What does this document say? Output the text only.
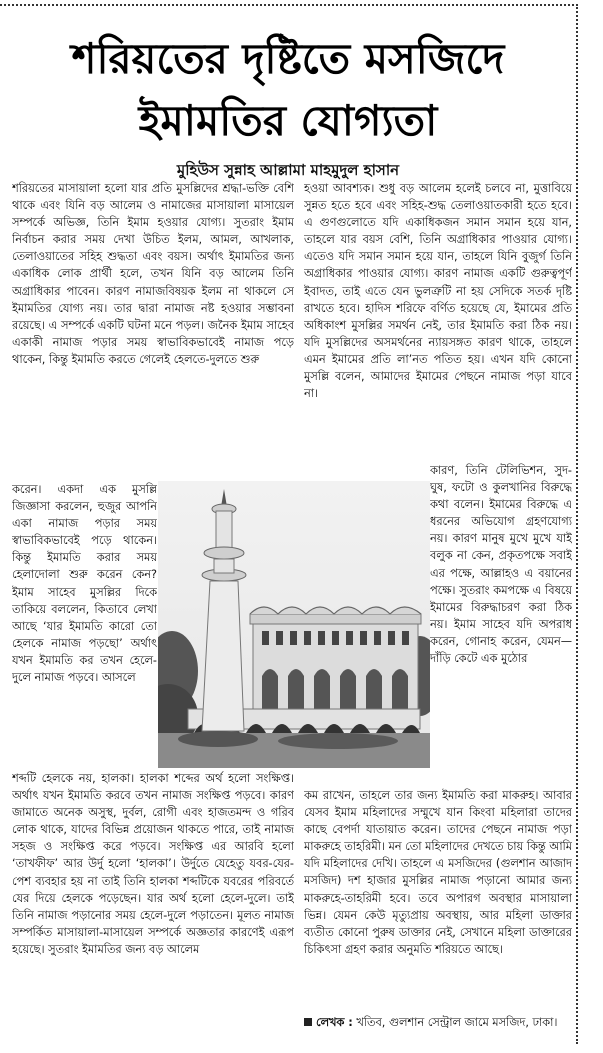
শরিয়তের দৃষ্টিতে মসজিদে
ইমামতির যোগ্যতা
মুহিউস সুন্নাহ আল্লামা মাহমুদুল হাসান
শরিয়তের মাসায়ালা হলো যার প্রতি মুসল্লিদের শ্রদ্ধা-ভক্তি বেশি থাকে এবং যিনি বড় আলেম ও নামাজের মাসায়ালা মাসায়েল সম্পর্কে অভিজ্ঞ, তিনি ইমাম হওয়ার যোগ্য। সুতরাং ইমাম নির্বাচন করার সময় দেখা উচিত ইলম, আমল, আখলাক, তেলাওয়াতের সহিহ শুদ্ধতা এবং বয়স। অর্থাৎ ইমামতির জন্য একাধিক লোক প্রার্থী হলে, তখন যিনি বড় আলেম তিনি অগ্রাধিকার পাবেন। কারণ নামাজবিষয়ক ইলম না থাকলে সে ইমামতির যোগ্য নয়। তার দ্বারা নামাজ নষ্ট হওয়ার সম্ভাবনা রয়েছে। এ সম্পর্কে একটি ঘটনা মনে পড়ল। জনৈক ইমাম সাহেব একাকী নামাজ পড়ার সময় স্বাভাবিকভাবেই নামাজ পড়ে থাকেন, কিন্তু ইমামতি করতে গেলেই হেলতে-দুলতে শুরু
করেন। একদা এক মুসল্লি জিজ্ঞাসা করলেন, হুজুর আপনি একা নামাজ পড়ার সময় স্বাভাবিকভাবেই পড়ে থাকেন। কিন্তু ইমামতি করার সময় হেলাদোলা শুরু করেন কেন? ইমাম সাহেব মুসল্লির দিকে তাকিয়ে বললেন, কিতাবে লেখা আছে ‘যার ইমামতি কারো তো হেলকে নামাজ পড়ছো’ অর্থাৎ যখন ইমামতি কর তখন হেলে-দুলে নামাজ পড়বে। আসলে
শব্দটি হেলকে নয়, হালকা। হালকা শব্দের অর্থ হলো সংক্ষিপ্ত। অর্থাৎ যখন ইমামতি করবে তখন নামাজ সংক্ষিপ্ত পড়বে। কারণ জামাতে অনেক অসুস্থ, দুর্বল, রোগী এবং হাজতমন্দ ও গরিব লোক থাকে, যাদের বিভিন্ন প্রয়োজন থাকতে পারে, তাই নামাজ সহজ ও সংক্ষিপ্ত করে পড়বে। সংক্ষিপ্ত এর আরবি হলো ‘তাখফীফ’ আর উর্দু হলো ‘হালকা’। উর্দুতে যেহেতু যবর-যের-পেশ ব্যবহার হয় না তাই তিনি হালকা শব্দটিকে যবরের পরিবর্তে যের দিয়ে হেলকে পড়েছেন। যার অর্থ হলো হেলে-দুলে। তাই তিনি নামাজ পড়ানোর সময় হেলে-দুলে পড়াতেন। মূলত নামাজ সম্পর্কিত মাসায়ালা-মাসায়েল সম্পর্কে অজ্ঞতার কারণেই এরূপ হয়েছে। সুতরাং ইমামতির জন্য বড় আলেম
হওয়া আবশ্যক। শুধু বড় আলেম হলেই চলবে না, মুত্তাবিয়ে সুন্নত হতে হবে এবং সহিহ-শুদ্ধ তেলাওয়াতকারী হতে হবে। এ গুণগুলোতে যদি একাধিকজন সমান সমান হয়ে যান, তাহলে যার বয়স বেশি, তিনি অগ্রাধিকার পাওয়ার যোগ্য। এতেও যদি সমান সমান হয়ে যান, তাহলে যিনি বুজুর্গ তিনি অগ্রাধিকার পাওয়ার যোগ্য। কারণ নামাজ একটি গুরুত্বপূর্ণ ইবাদত, তাই এতে যেন ভুলত্রুটি না হয় সেদিকে সতর্ক দৃষ্টি রাখতে হবে। হাদিস শরিফে বর্ণিত হয়েছে যে, ইমামের প্রতি অধিকাংশ মুসল্লির সমর্থন নেই, তার ইমামতি করা ঠিক নয়। যদি মুসল্লিদের অসমর্থনের ন্যায়সঙ্গত কারণ থাকে, তাহলে এমন ইমামের প্রতি লা’নত পতিত হয়। এখন যদি কোনো মুসল্লি বলেন, আমাদের ইমামের পেছনে নামাজ পড়া যাবে না।
কারণ, তিনি টেলিভিশন, সুদ-ঘুষ, ফটো ও কুলখানির বিরুদ্ধে কথা বলেন। ইমামের বিরুদ্ধে এ ধরনের অভিযোগ গ্রহণযোগ্য নয়। কারণ মানুষ মুখে মুখে যাই বলুক না কেন, প্রকৃতপক্ষে সবাই এর পক্ষে, আল্লাহও এ বয়ানের পক্ষে। সুতরাং কমপক্ষে এ বিষয়ে ইমামের বিরুদ্ধাচরণ করা ঠিক নয়। ইমাম সাহেব যদি অপরাধ করেন, গোনাহ করেন, যেমন—দাঁড়ি কেটে এক মুঠোর
কম রাখেন, তাহলে তার জন্য ইমামতি করা মাকরুহ। আবার যেসব ইমাম মহিলাদের সম্মুখে যান কিংবা মহিলারা তাদের কাছে বেপর্দা যাতায়াত করেন। তাদের পেছনে নামাজ পড়া মাকরুহে তাহরিমী। মন তো মহিলাদের দেখতে চায় কিন্তু আমি যদি মহিলাদের দেখি। তাহলে এ মসজিদের (গুলশান আজাদ মসজিদ) দশ হাজার মুসল্লির নামাজ পড়ানো আমার জন্য মাকরুহে-তাহরিমী হবে। তবে অপারগ অবস্থার মাসায়ালা ভিন্ন। যেমন কেউ মৃত্যুপ্রায় অবস্থায়, আর মহিলা ডাক্তার ব্যতীত কোনো পুরুষ ডাক্তার নেই, সেখানে মহিলা ডাক্তারের চিকিৎসা গ্রহণ করার অনুমতি শরিয়তে আছে।
লেখক : খতিব, গুলশান সেন্ট্রাল জামে মসজিদ, ঢাকা।
